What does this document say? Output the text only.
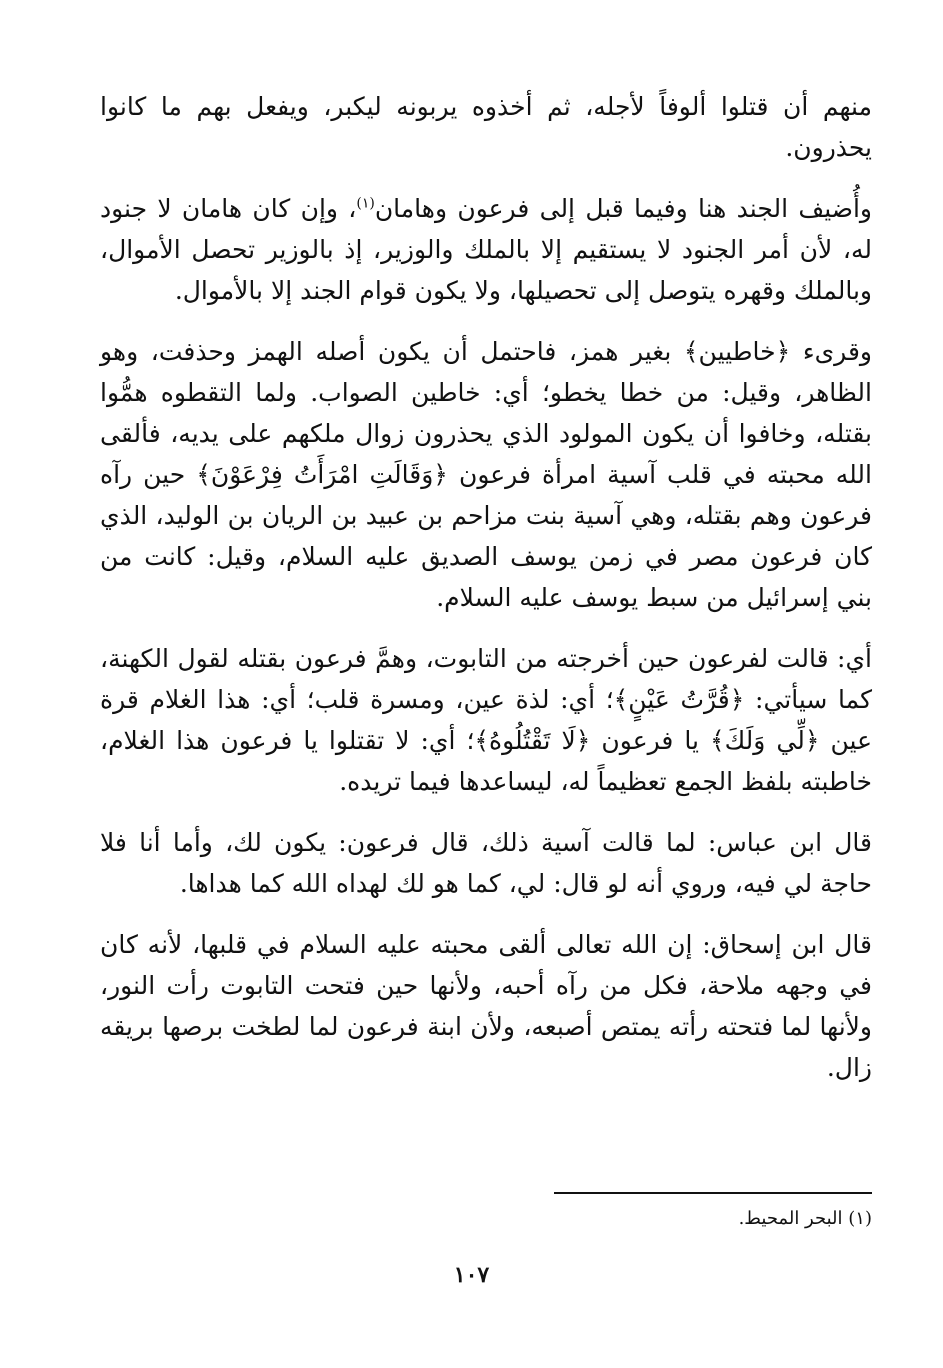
منهم أن قتلوا ألوفاً لأجله، ثم أخذوه يربونه ليكبر، ويفعل بهم ما كانوا يحذرون.

وأُضيف الجند هنا وفيما قبل إلى فرعون وهامان$^{(١)}$، وإن كان هامان لا جنود له، لأن أمر الجنود لا يستقيم إلا بالملك والوزير، إذ بالوزير تحصل الأموال، وبالملك وقهره يتوصل إلى تحصيلها، ولا يكون قوام الجند إلا بالأموال.

وقرىء ﴿خاطيين﴾ بغير همز، فاحتمل أن يكون أصله الهمز وحذفت، وهو الظاهر، وقيل: من خطا يخطو؛ أي: خاطين الصواب. ولما التقطوه همُّوا بقتله، وخافوا أن يكون المولود الذي يحذرون زوال ملكهم على يديه، فألقى الله محبته في قلب آسية امرأة فرعون ﴿وَقَالَتِ امْرَأَتُ فِرْعَوْنَ﴾ حين رآه فرعون وهم بقتله، وهي آسية بنت مزاحم بن عبيد بن الريان بن الوليد، الذي كان فرعون مصر في زمن يوسف الصديق عليه السلام، وقيل: كانت من بني إسرائيل من سبط يوسف عليه السلام.

أي: قالت لفرعون حين أخرجته من التابوت، وهمَّ فرعون بقتله لقول الكهنة، كما سيأتي: ﴿قُرَّتُ عَيْنٍ﴾؛ أي: لذة عين، ومسرة قلب؛ أي: هذا الغلام قرة عين ﴿لِّي وَلَكَ﴾ يا فرعون ﴿لَا تَقْتُلُوهُ﴾؛ أي: لا تقتلوا يا فرعون هذا الغلام، خاطبته بلفظ الجمع تعظيماً له، ليساعدها فيما تريده.

قال ابن عباس: لما قالت آسية ذلك، قال فرعون: يكون لك، وأما أنا فلا حاجة لي فيه، وروي أنه لو قال: لي، كما هو لك لهداه الله كما هداها.

قال ابن إسحاق: إن الله تعالى ألقى محبته عليه السلام في قلبها، لأنه كان في وجهه ملاحة، فكل من رآه أحبه، ولأنها حين فتحت التابوت رأت النور، ولأنها لما فتحته رأته يمتص أصبعه، ولأن ابنة فرعون لما لطخت برصها بريقه زال.

(١) البحر المحيط.
١٠٧
